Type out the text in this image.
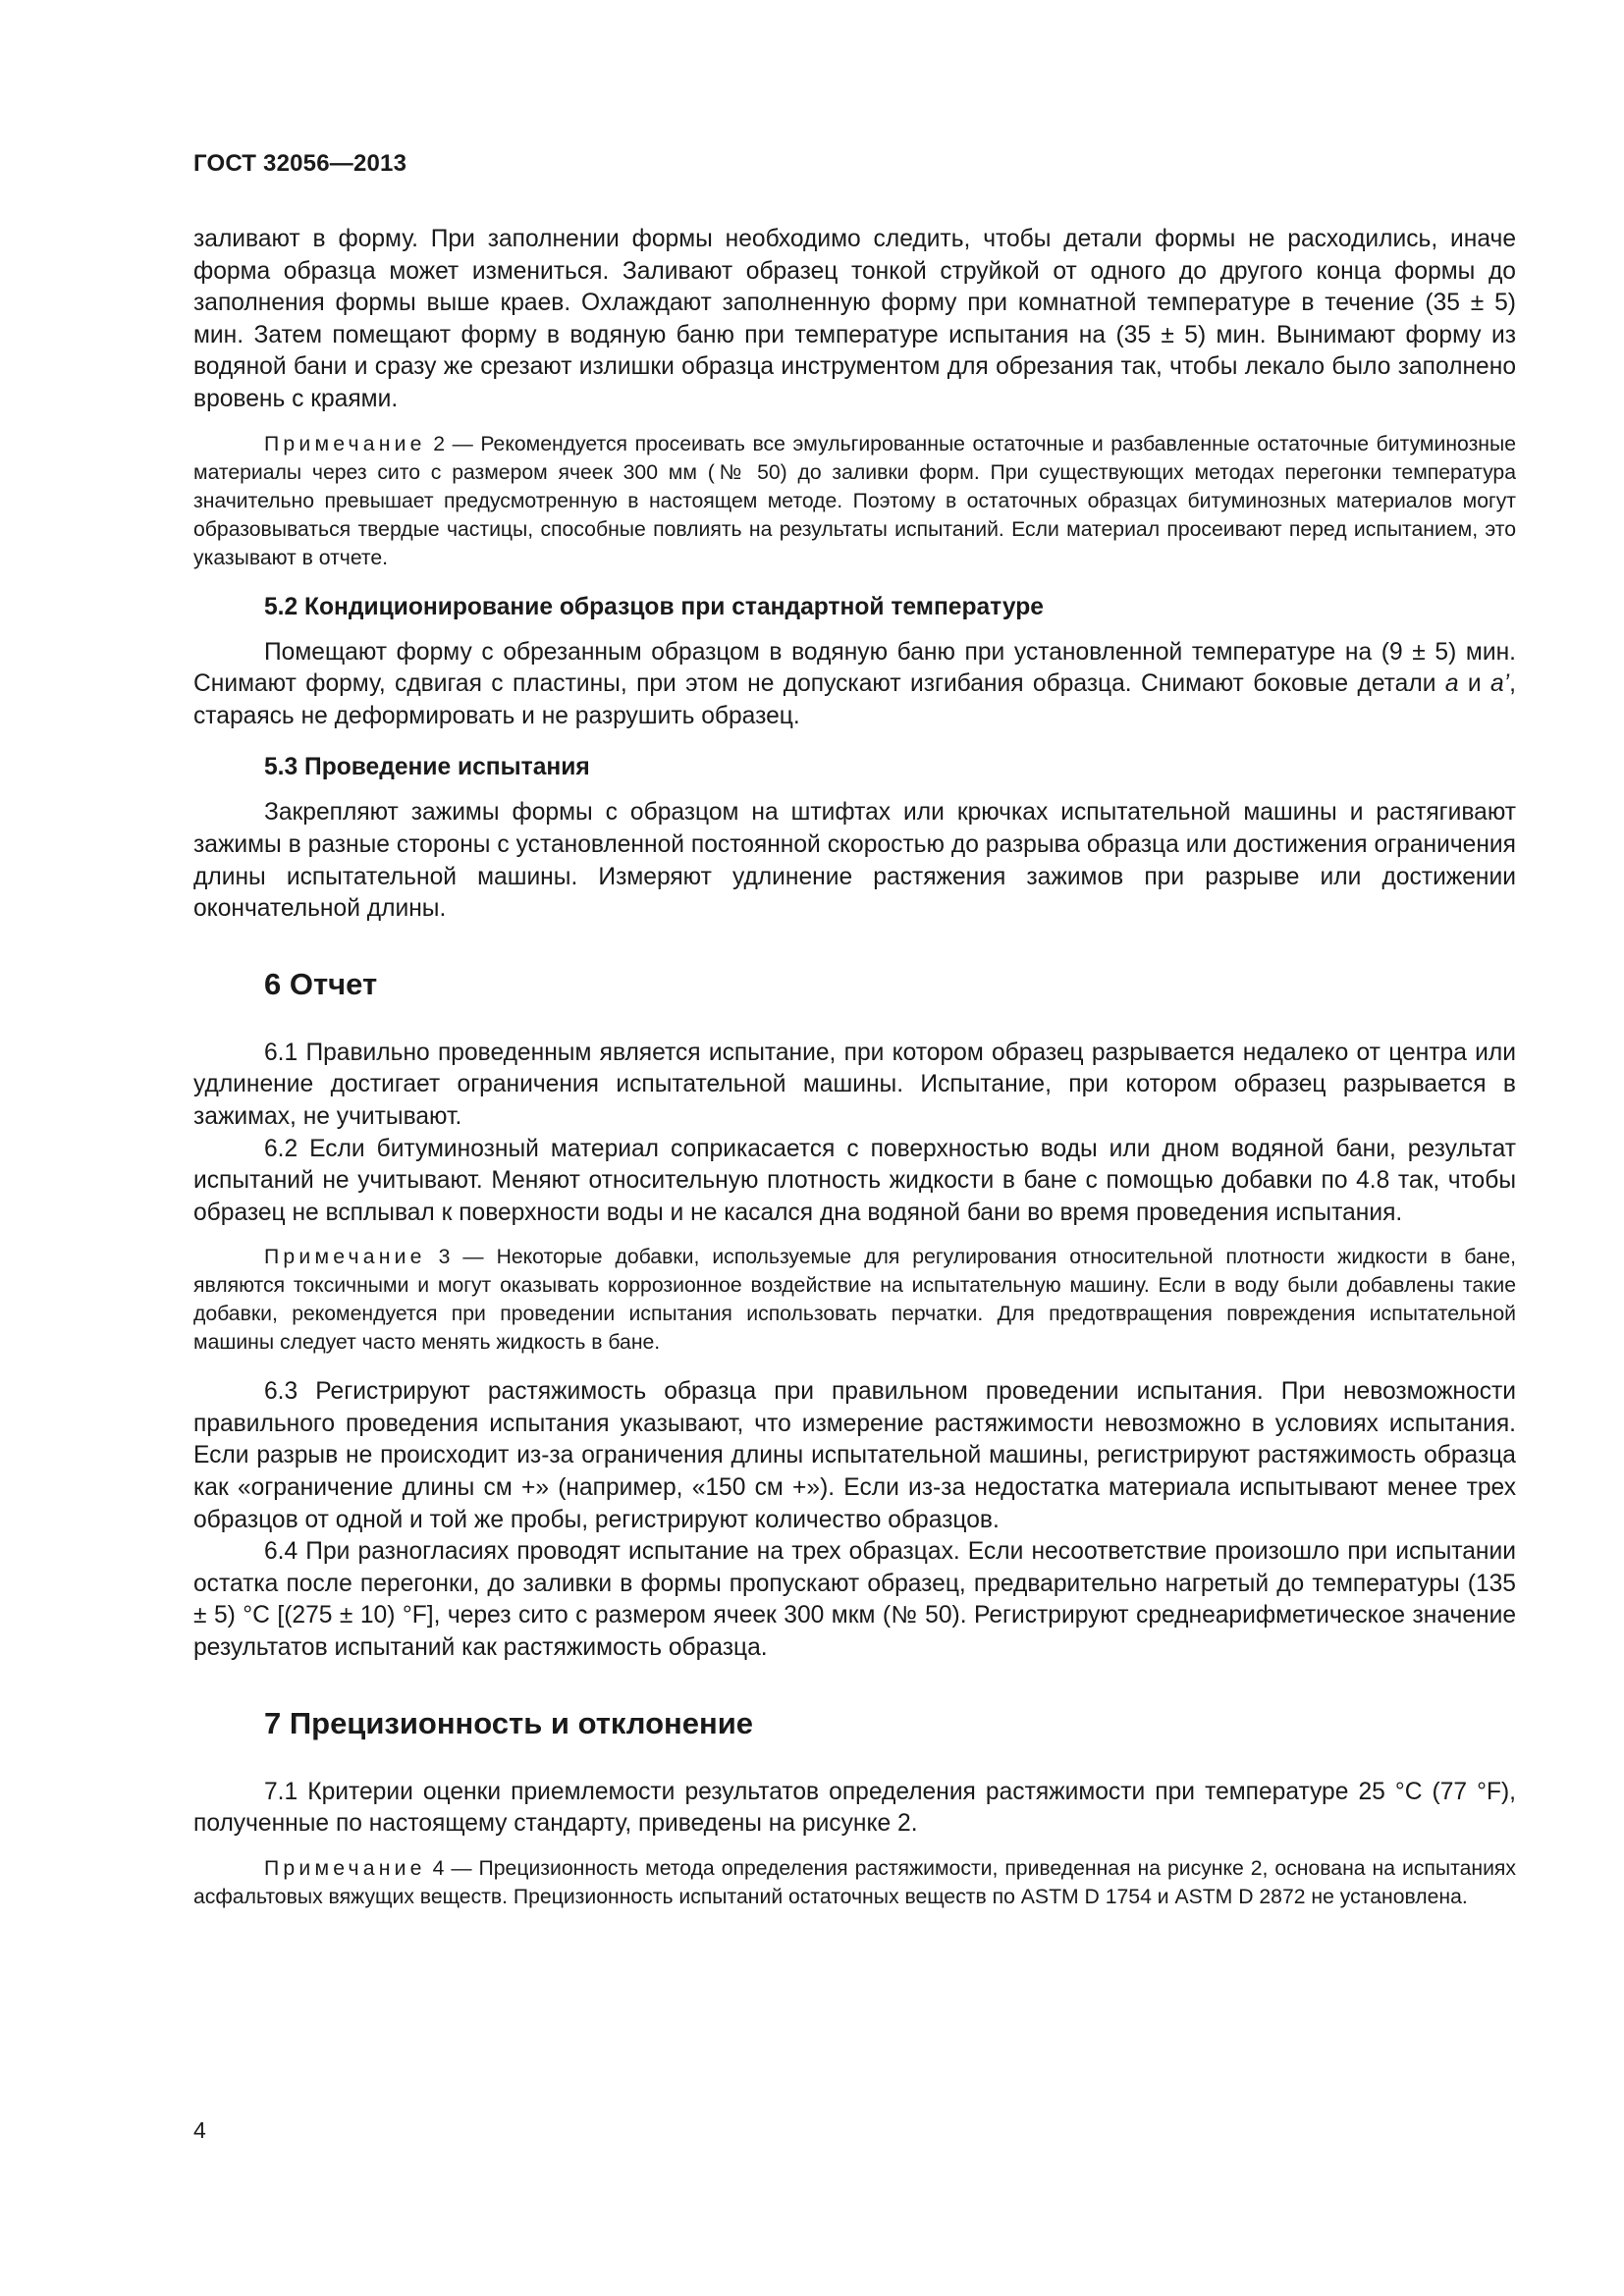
ГОСТ 32056—2013

заливают в форму. При заполнении формы необходимо следить, чтобы детали формы не расходились, иначе форма образца может измениться. Заливают образец тонкой струйкой от одного до другого конца формы до заполнения формы выше краев. Охлаждают заполненную форму при комнатной температуре в течение (35 ± 5) мин. Затем помещают форму в водяную баню при температуре испытания на (35 ± 5) мин. Вынимают форму из водяной бани и сразу же срезают излишки образца инструментом для обрезания так, чтобы лекало было заполнено вровень с краями.

Примечание 2 — Рекомендуется просеивать все эмульгированные остаточные и разбавленные остаточные битуминозные материалы через сито с размером ячеек 300 мм (№ 50) до заливки форм. При существующих методах перегонки температура значительно превышает предусмотренную в настоящем методе. Поэтому в остаточных образцах битуминозных материалов могут образовываться твердые частицы, способные повлиять на результаты испытаний. Если материал просеивают перед испытанием, это указывают в отчете.

5.2 Кондиционирование образцов при стандартной температуре

Помещают форму с обрезанным образцом в водяную баню при установленной температуре на (9 ± 5) мин. Снимают форму, сдвигая с пластины, при этом не допускают изгибания образца. Снимают боковые детали а и а’, стараясь не деформировать и не разрушить образец.

5.3 Проведение испытания

Закрепляют зажимы формы с образцом на штифтах или крючках испытательной машины и растягивают зажимы в разные стороны с установленной постоянной скоростью до разрыва образца или достижения ограничения длины испытательной машины. Измеряют удлинение растяжения зажимов при разрыве или достижении окончательной длины.

6 Отчет

6.1 Правильно проведенным является испытание, при котором образец разрывается недалеко от центра или удлинение достигает ограничения испытательной машины. Испытание, при котором образец разрывается в зажимах, не учитывают.

6.2 Если битуминозный материал соприкасается с поверхностью воды или дном водяной бани, результат испытаний не учитывают. Меняют относительную плотность жидкости в бане с помощью добавки по 4.8 так, чтобы образец не всплывал к поверхности воды и не касался дна водяной бани во время проведения испытания.

Примечание 3 — Некоторые добавки, используемые для регулирования относительной плотности жидкости в бане, являются токсичными и могут оказывать коррозионное воздействие на испытательную машину. Если в воду были добавлены такие добавки, рекомендуется при проведении испытания использовать перчатки. Для предотвращения повреждения испытательной машины следует часто менять жидкость в бане.

6.3 Регистрируют растяжимость образца при правильном проведении испытания. При невозможности правильного проведения испытания указывают, что измерение растяжимости невозможно в условиях испытания. Если разрыв не происходит из-за ограничения длины испытательной машины, регистрируют растяжимость образца как «ограничение длины см +» (например, «150 см +»). Если из-за недостатка материала испытывают менее трех образцов от одной и той же пробы, регистрируют количество образцов.

6.4 При разногласиях проводят испытание на трех образцах. Если несоответствие произошло при испытании остатка после перегонки, до заливки в формы пропускают образец, предварительно нагретый до температуры (135 ± 5) °С [(275 ± 10) °F], через сито с размером ячеек 300 мкм (№ 50). Регистрируют среднеарифметическое значение результатов испытаний как растяжимость образца.

7 Прецизионность и отклонение

7.1 Критерии оценки приемлемости результатов определения растяжимости при температуре 25 °С (77 °F), полученные по настоящему стандарту, приведены на рисунке 2.

Примечание 4 — Прецизионность метода определения растяжимости, приведенная на рисунке 2, основана на испытаниях асфальтовых вяжущих веществ. Прецизионность испытаний остаточных веществ по ASTM D 1754 и ASTM D 2872 не установлена.

4
